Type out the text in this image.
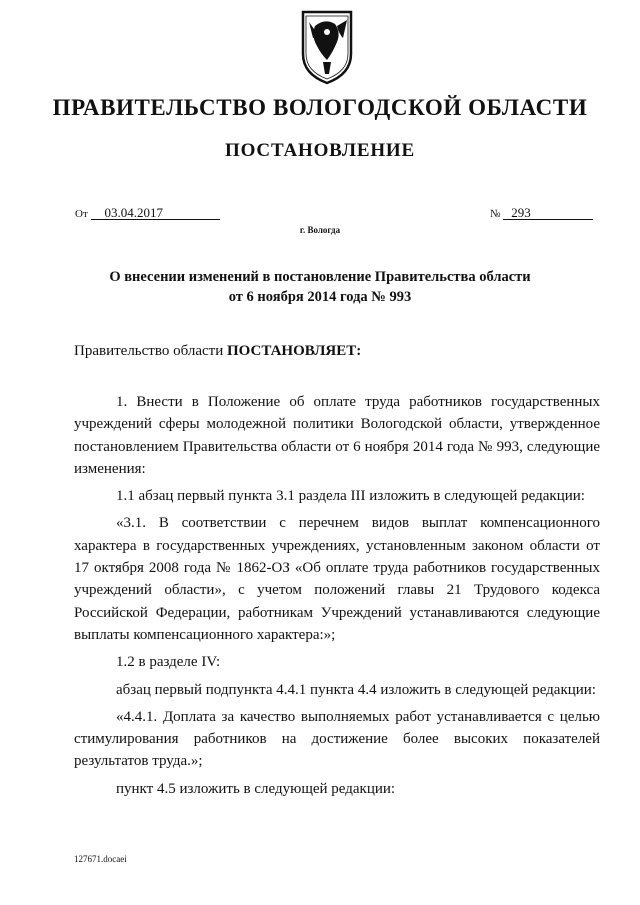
ПРАВИТЕЛЬСТВО ВОЛОГОДСКОЙ ОБЛАСТИ
ПОСТАНОВЛЕНИЕ
От 03.04.2017	№ 293
г. Вологда
О внесении изменений в постановление Правительства области
от 6 ноября 2014 года № 993
Правительство области ПОСТАНОВЛЯЕТ:

1. Внести в Положение об оплате труда работников государственных учреждений сферы молодежной политики Вологодской области, утвержденное постановлением Правительства области от 6 ноября 2014 года № 993, следующие изменения:

1.1 абзац первый пункта 3.1 раздела III изложить в следующей редакции:

«3.1. В соответствии с перечнем видов выплат компенсационного характера в государственных учреждениях, установленным законом области от 17 октября 2008 года № 1862-ОЗ «Об оплате труда работников государственных учреждений области», с учетом положений главы 21 Трудового кодекса Российской Федерации, работникам Учреждений устанавливаются следующие выплаты компенсационного характера:»;

1.2 в разделе IV:

абзац первый подпункта 4.4.1 пункта 4.4 изложить в следующей редакции:

«4.4.1. Доплата за качество выполняемых работ устанавливается с целью стимулирования работников на достижение более высоких показателей результатов труда.»;

пункт 4.5 изложить в следующей редакции:

127671.docaei
